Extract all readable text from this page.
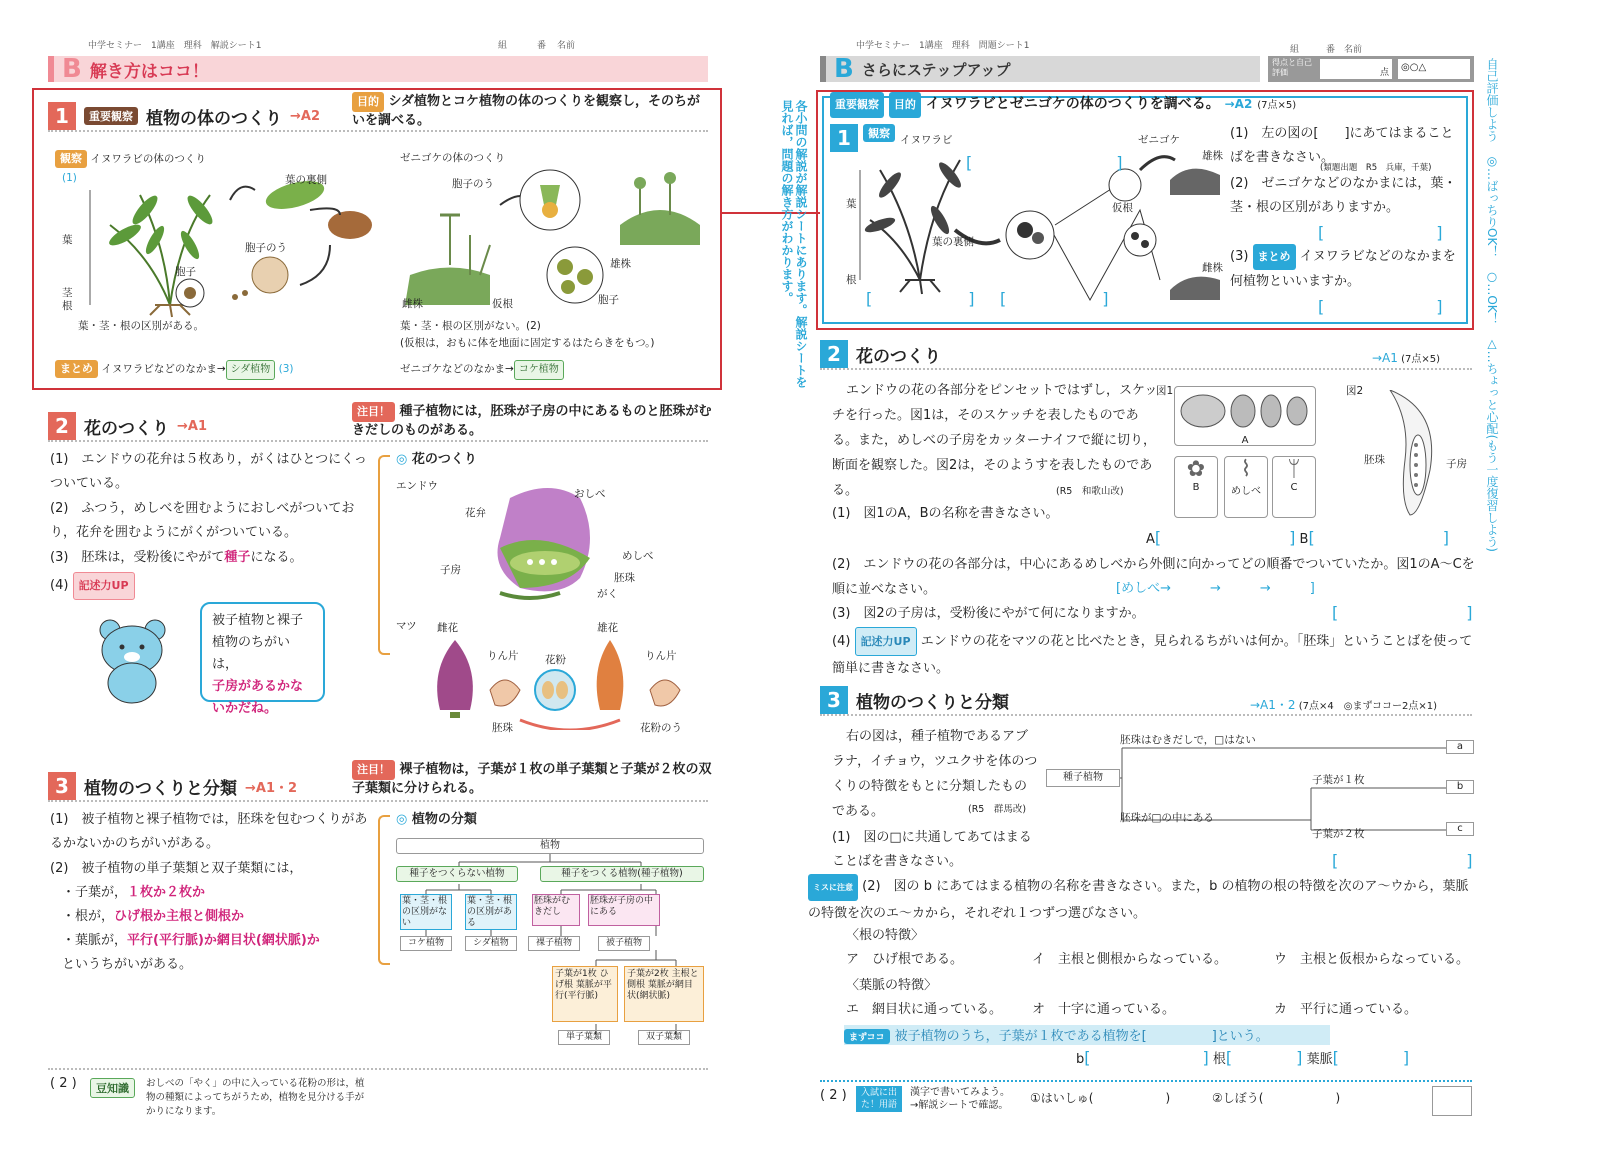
中学セミナー　1講座　理科　解説シート1	組	番 名前
B 解き方はココ！
1	重要観察 植物の体のつくり →A2
目的 シダ植物とコケ植物の体のつくりを観察し，そのちがいを調べる。
観察 イヌワラビの体のつくり	ゼニゴケの体のつくり
(1)
葉
茎
根
葉の裏側
胞子のう
胞子
葉・茎・根の区別がある。
胞子のう
雄株
雌株	仮根	胞子
葉・茎・根の区別がない。(2)
(仮根は，おもに体を地面に固定するはたらきをもつ。)
まとめ イヌワラビなどのなかま→ シダ植物 (3)	ゼニゴケなどのなかま→ コケ植物
2 花のつくり →A1
注目！ 種子植物には，胚珠が子房の中にあるものと胚珠がむきだしのものがある。
(1)　エンドウの花弁は５枚あり，がくはひとつにくっついている。
(2)　ふつう，めしべを囲むようにおしべがついており，花弁を囲むようにがくがついている。
(3)　胚珠は，受粉後にやがて種子になる。
(4) 記述力UP
被子植物と裸子
植物のちがいは，
子房があるかな
いかだね。
◎ 花のつくり
エンドウ
おしべ
花弁
めしべ
子房
胚珠
がく
マツ 雌花
りん片	花粉
雄花
りん片
胚珠	花粉のう
3 植物のつくりと分類 →A1・2
注目！ 裸子植物は，子葉が１枚の単子葉類と子葉が２枚の双子葉類に分けられる。
(1)　被子植物と裸子植物では，胚珠を包むつくりがあるかないかのちがいがある。
(2)　被子植物の単子葉類と双子葉類には，
・子葉が，１枚か２枚か
・根が，ひげ根か主根と側根か
・葉脈が，平行(平行脈)か網目状(網状脈)か
というちがいがある。
◎ 植物の分類
植物
種子をつくらない植物	種子をつくる植物(種子植物)
葉・茎・根の区別がない
葉・茎・根の区別がある
胚珠がむきだし
胚珠が子房の中にある
コケ植物	シダ植物	裸子植物	被子植物
子葉が1枚 ひげ根 葉脈が平行(平行脈)
子葉が2枚 主根と側根 葉脈が網目状(網状脈)
単子葉類	双子葉類
( 2 )	豆知識	おしべの「やく」の中に入っている花粉の形は，植物の種類によってちがうため，植物を見分ける手がかりになります。
各小問の解説が解説シートにあります。解説シートを見れば，問題の解き方がわかります。
中学セミナー　1講座　理科　問題シート1	組	番 名前
B さらにステップアップ	得点と自己評価	点	◎○△
重要観察 目的 イヌワラビとゼニゴケの体のつくりを調べる。 →A2 (7点×5)
1 観察 イヌワラビ	ゼニゴケ
雄株
雌株
仮根
葉
根
葉の裏側
[　　　　　　　　　]
[　　　　　　] [　　　　　　]
(1)　左の図の[　　]にあてはまることばを書きなさい。
(類題出題　R5　兵庫，千葉)
(2)　ゼニゴケなどのなかまには，葉・茎・根の区別がありますか。
[　　　　　　　]
(3) まとめ イヌワラビなどのなかまを何植物といいますか。
[　　　　　　　]
2 花のつくり	→A1 (7点×5)
エンドウの花の各部分をピンセットではずし，スケッチを行った。図1は，そのスケッチを表したものである。また，めしべの子房をカッターナイフで縦に切り，断面を観察した。図2は，そのようすを表したものである。	(R5　和歌山改)
図1
A
✿
B
⌇
めしべ
ᛘ
C
図2
胚珠	子房
(1)　図1のA，Bの名称を書きなさい。
A[　　　　　　　　] B[　　　　　　　　]
(2)　エンドウの花の各部分は，中心にあるめしべから外側に向かってどの順番でついていたか。図1のA～Cを順に並べなさい。	[めしべ→　　　→　　　→　　　]
(3)　図2の子房は，受粉後にやがて何になりますか。	[　　　　　　　　]
(4) 記述力UP エンドウの花をマツの花と比べたとき，見られるちがいは何か。「胚珠」ということばを使って簡単に書きなさい。
3 植物のつくりと分類	→A1・2 (7点×4　◎まずココー2点×1)
右の図は，種子植物であるアブラナ，イチョウ，ツユクサを体のつくりの特徴をもとに分類したものである。	(R5　群馬改)
種子植物
胚珠はむきだしで，□はない
胚珠が□の中にある
子葉が１枚
子葉が２枚
a
b
c
(1)　図の□に共通してあてはまることばを書きなさい。	[　　　　　　　　]
ミスに注意 (2)　図の b にあてはまる植物の名称を書きなさい。また，b の植物の根の特徴を次のア～ウから，葉脈の特徴を次のエ～カから，それぞれ１つずつ選びなさい。
〈根の特徴〉
ア　ひげ根である。	イ　主根と側根からなっている。	ウ　主根と仮根からなっている。
〈葉脈の特徴〉
エ　網目状に通っている。 オ　十字に通っている。	カ　平行に通っている。
まずココ 被子植物のうち，子葉が１枚である植物を[　　　　　]という。
b[　　　　　　　] 根[　　　　] 葉脈[　　　　]
( 2 )	入試に出た！用語
漢字で書いてみよう。→解説シートで確認。
①はいしゅ(　　　　　　)	②しぼう(　　　　　　)
自己評価しよう　◎…ばっちりOK！　○…OK！　△…ちょっと心配(もう一度復習しよう)
